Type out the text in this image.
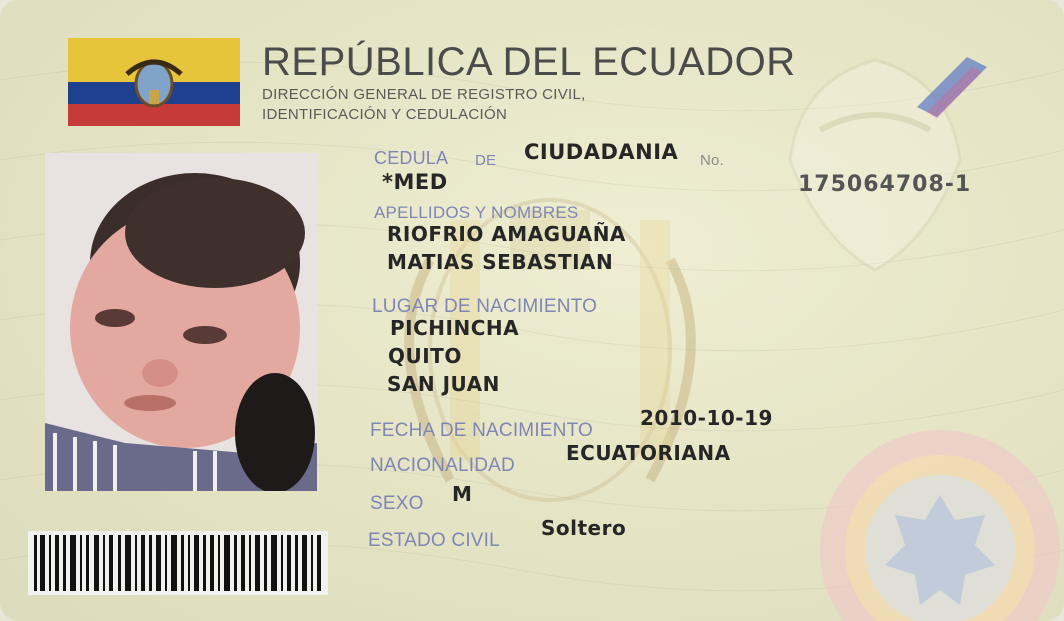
REPÚBLICA DEL ECUADOR
DIRECCIÓN GENERAL DE REGISTRO CIVIL,
IDENTIFICACIÓN Y CEDULACIÓN
CEDULA DE CIUDADANIA No.
*MED	175064708-1
APELLIDOS Y NOMBRES
RIOFRIO AMAGUAÑA
MATIAS SEBASTIAN
LUGAR DE NACIMIENTO
PICHINCHA
QUITO
SAN JUAN
FECHA DE NACIMIENTO
2010-10-19
NACIONALIDAD
ECUATORIANA
SEXO M
ESTADO CIVIL
Soltero
